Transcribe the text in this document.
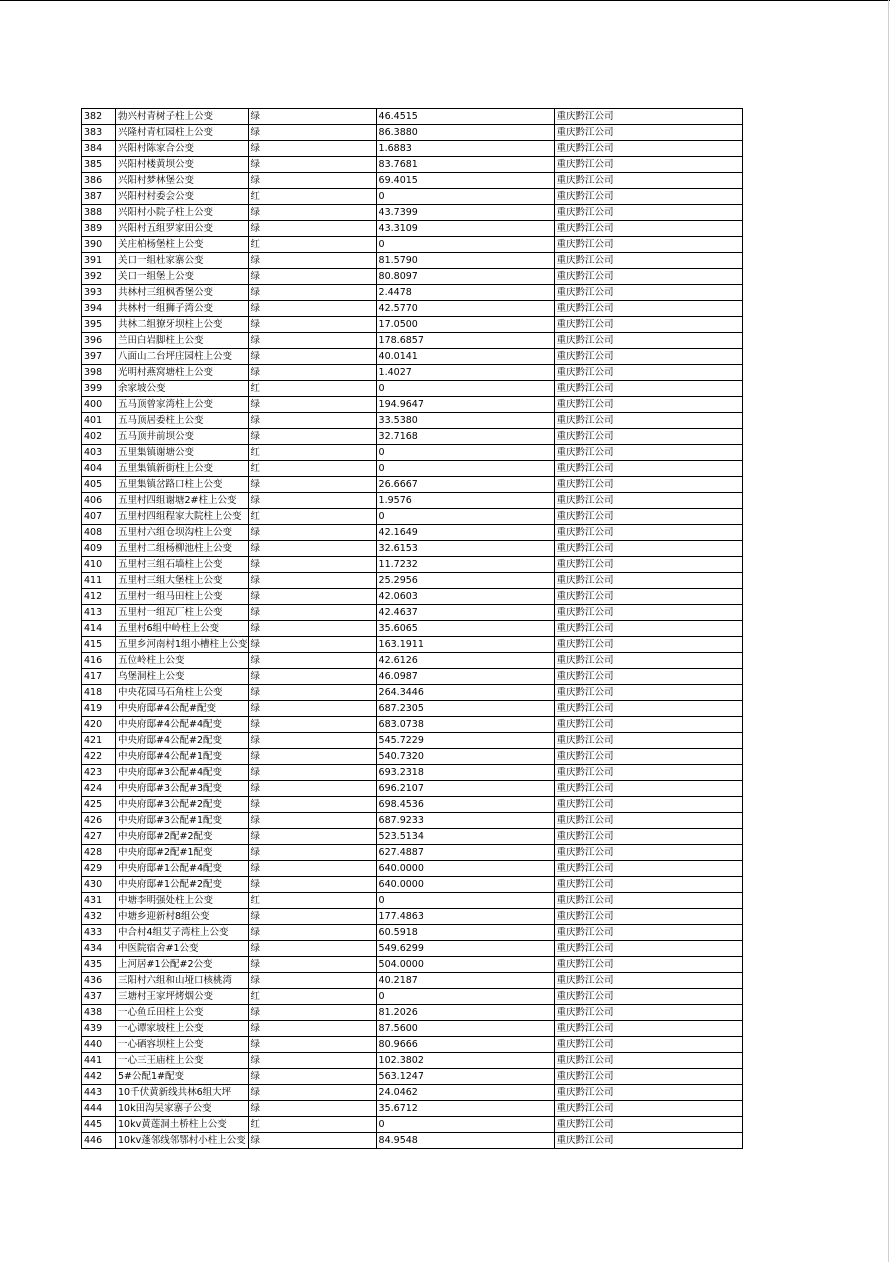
382	勃兴村青树子柱上公变	绿	46.4515	重庆黔江公司
383	兴隆村青杠园柱上公变	绿	86.3880	重庆黔江公司
384	兴阳村陈家合公变	绿	1.6883	重庆黔江公司
385	兴阳村楼黄坝公变	绿	83.7681	重庆黔江公司
386	兴阳村梦林堡公变	绿	69.4015	重庆黔江公司
387	兴阳村村委会公变	红	0	重庆黔江公司
388	兴阳村小院子柱上公变	绿	43.7399	重庆黔江公司
389	兴阳村五组罗家田公变	绿	43.3109	重庆黔江公司
390	关庄柏杨堡柱上公变	红	0	重庆黔江公司
391	关口一组杜家寨公变	绿	81.5790	重庆黔江公司
392	关口一组堡上公变	绿	80.8097	重庆黔江公司
393	共林村三组枫香堡公变	绿	2.4478	重庆黔江公司
394	共林村一组狮子湾公变	绿	42.5770	重庆黔江公司
395	共林二组獠牙坝柱上公变	绿	17.0500	重庆黔江公司
396	兰田白岩脚柱上公变	绿	178.6857	重庆黔江公司
397	八面山二台坪庄园柱上公变	绿	40.0141	重庆黔江公司
398	光明村燕窝塘柱上公变	绿	1.4027	重庆黔江公司
399	余家坡公变	红	0	重庆黔江公司
400	五马顶曾家湾柱上公变	绿	194.9647	重庆黔江公司
401	五马顶居委柱上公变	绿	33.5380	重庆黔江公司
402	五马顶井前坝公变	绿	32.7168	重庆黔江公司
403	五里集镇谢塘公变	红	0	重庆黔江公司
404	五里集镇新街柱上公变	红	0	重庆黔江公司
405	五里集镇岔路口柱上公变	绿	26.6667	重庆黔江公司
406	五里村四组谢塘2#柱上公变	绿	1.9576	重庆黔江公司
407	五里村四组程家大院柱上公变	红	0	重庆黔江公司
408	五里村六组仓坝沟柱上公变	绿	42.1649	重庆黔江公司
409	五里村二组杨柳池柱上公变	绿	32.6153	重庆黔江公司
410	五里村三组石墙柱上公变	绿	11.7232	重庆黔江公司
411	五里村三组大堡柱上公变	绿	25.2956	重庆黔江公司
412	五里村一组马田柱上公变	绿	42.0603	重庆黔江公司
413	五里村一组瓦厂柱上公变	绿	42.4637	重庆黔江公司
414	五里村6组中岭柱上公变	绿	35.6065	重庆黔江公司
415	五里乡河南村1组小槽柱上公变	绿	163.1911	重庆黔江公司
416	五位岭柱上公变	绿	42.6126	重庆黔江公司
417	乌堡洞柱上公变	绿	46.0987	重庆黔江公司
418	中央花园马石角柱上公变	绿	264.3446	重庆黔江公司
419	中央府邸#4公配#配变	绿	687.2305	重庆黔江公司
420	中央府邸#4公配#4配变	绿	683.0738	重庆黔江公司
421	中央府邸#4公配#2配变	绿	545.7229	重庆黔江公司
422	中央府邸#4公配#1配变	绿	540.7320	重庆黔江公司
423	中央府邸#3公配#4配变	绿	693.2318	重庆黔江公司
424	中央府邸#3公配#3配变	绿	696.2107	重庆黔江公司
425	中央府邸#3公配#2配变	绿	698.4536	重庆黔江公司
426	中央府邸#3公配#1配变	绿	687.9233	重庆黔江公司
427	中央府邸#2配#2配变	绿	523.5134	重庆黔江公司
428	中央府邸#2配#1配变	绿	627.4887	重庆黔江公司
429	中央府邸#1公配#4配变	绿	640.0000	重庆黔江公司
430	中央府邸#1公配#2配变	绿	640.0000	重庆黔江公司
431	中塘李明强处柱上公变	红	0	重庆黔江公司
432	中塘乡迎新村8组公变	绿	177.4863	重庆黔江公司
433	中合村4组艾子湾柱上公变	绿	60.5918	重庆黔江公司
434	中医院宿舍#1公变	绿	549.6299	重庆黔江公司
435	上河居#1公配#2公变	绿	504.0000	重庆黔江公司
436	三阳村六组和山垭口核桃湾	绿	40.2187	重庆黔江公司
437	三塘村王家坪烤烟公变	红	0	重庆黔江公司
438	一心鱼丘田柱上公变	绿	81.2026	重庆黔江公司
439	一心谭家坡柱上公变	绿	87.5600	重庆黔江公司
440	一心硒容坝柱上公变	绿	80.9666	重庆黔江公司
441	一心三王庙柱上公变	绿	102.3802	重庆黔江公司
442	5#公配1#配变	绿	563.1247	重庆黔江公司
443	10千伏黄新线共林6组大坪	绿	24.0462	重庆黔江公司
444	10k田沟吴家寨子公变	绿	35.6712	重庆黔江公司
445	10kv黄莲洞土桥柱上公变	红	0	重庆黔江公司
446	10kv蓬邻线邻鄂村小柱上公变	绿	84.9548	重庆黔江公司
